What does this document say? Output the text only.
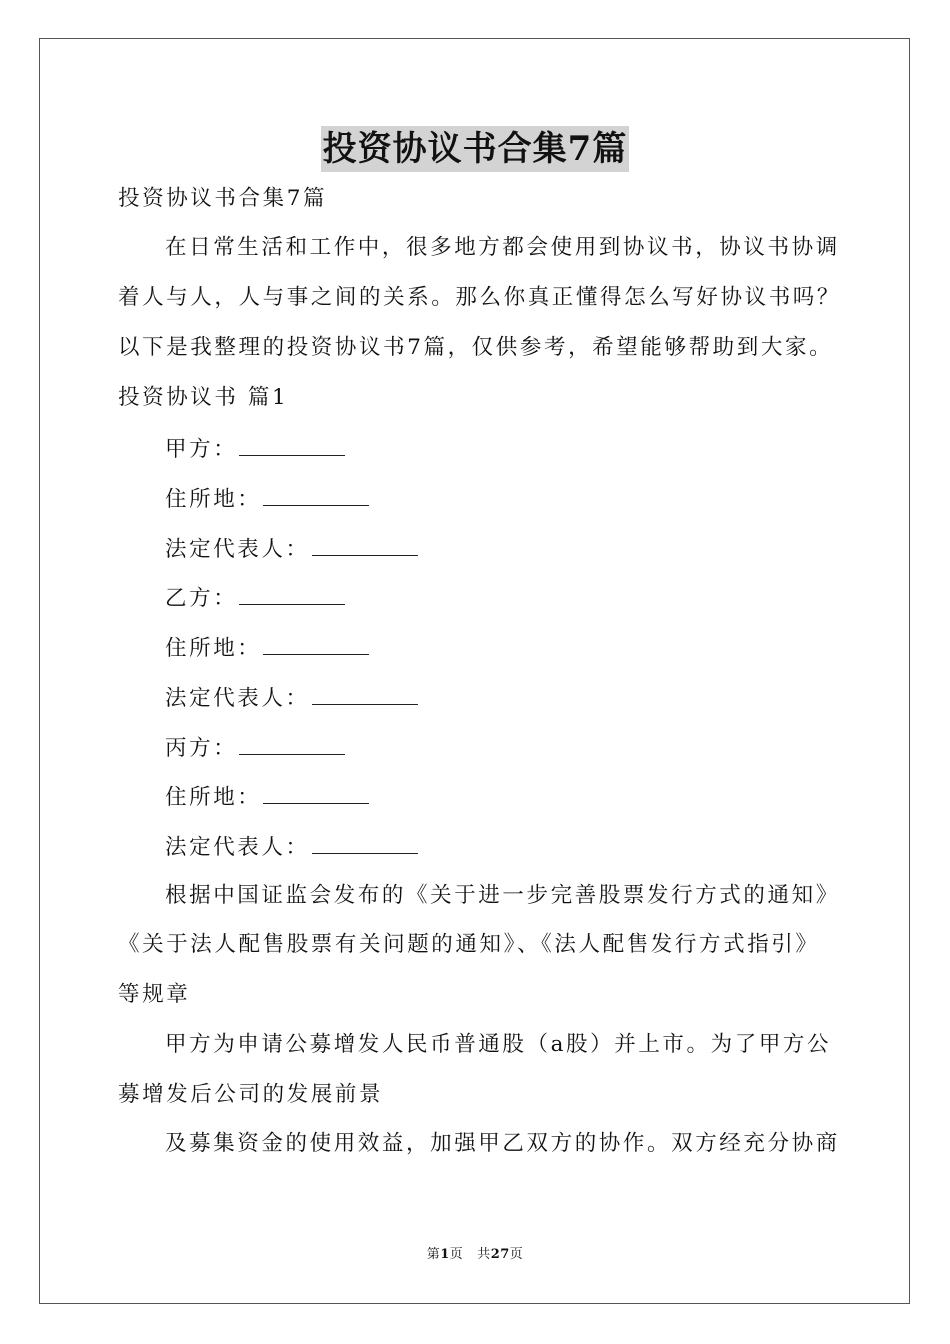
投资协议书合集7篇
投资协议书合集7篇
在日常生活和工作中，很多地方都会使用到协议书，协议书协调
着人与人，人与事之间的关系。那么你真正懂得怎么写好协议书吗？
以下是我整理的投资协议书7篇，仅供参考，希望能够帮助到大家。
投资协议书 篇1
甲方：
住所地：
法定代表人：
乙方：
住所地：
法定代表人：
丙方：
住所地：
法定代表人：
根据中国证监会发布的《关于进一步完善股票发行方式的通知》
《关于法人配售股票有关问题的通知》、《法人配售发行方式指引》
等规章
甲方为申请公募增发人民币普通股（a股）并上市。为了甲方公
募增发后公司的发展前景
及募集资金的使用效益，加强甲乙双方的协作。双方经充分协商
第1页 共27页
